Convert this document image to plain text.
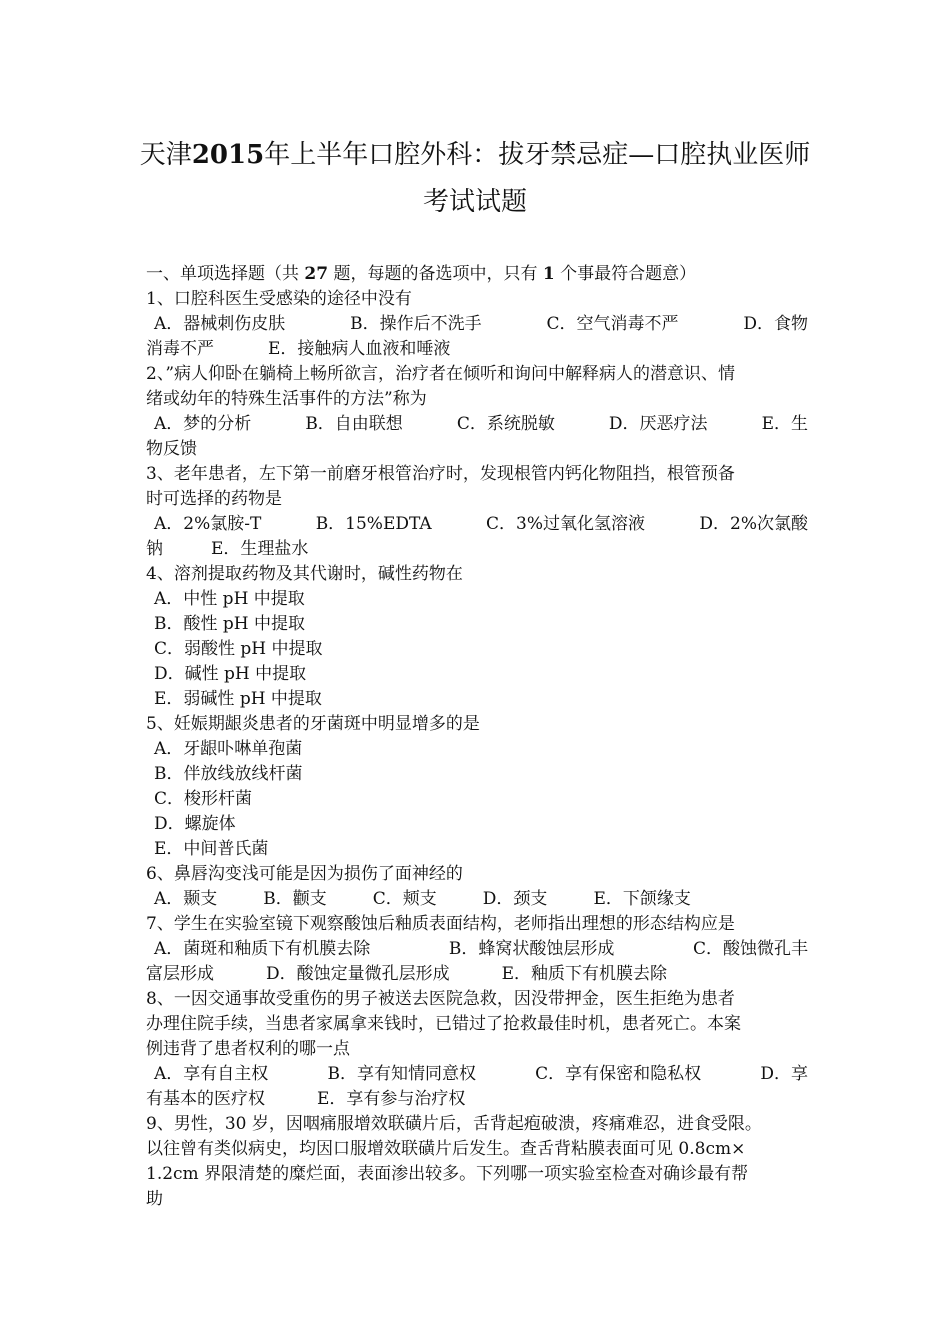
天津2015年上半年口腔外科：拔牙禁忌症—口腔执业医师
考试试题
一、单项选择题（共 27 题，每题的备选项中，只有 1 个事最符合题意）
1、口腔科医生受感染的途径中没有
A．器械刺伤皮肤	B．操作后不洗手	C．空气消毒不严	D．食物
消毒不严	E．接触病人血液和唾液
2、”病人仰卧在躺椅上畅所欲言，治疗者在倾听和询问中解释病人的潜意识、情
绪或幼年的特殊生活事件的方法”称为
A．梦的分析	B．自由联想	C．系统脱敏	D．厌恶疗法	E．生
物反馈
3、老年患者，左下第一前磨牙根管治疗时，发现根管内钙化物阻挡，根管预备
时可选择的药物是
A．2%氯胺-T	B．15%EDTA	C．3%过氧化氢溶液	D．2%次氯酸
钠	E．生理盐水
4、溶剂提取药物及其代谢时，碱性药物在
A．中性 pH 中提取
B．酸性 pH 中提取
C．弱酸性 pH 中提取
D．碱性 pH 中提取
E．弱碱性 pH 中提取
5、妊娠期龈炎患者的牙菌斑中明显增多的是
A．牙龈卟啉单孢菌
B．伴放线放线杆菌
C．梭形杆菌
D．螺旋体
E．中间普氏菌
6、鼻唇沟变浅可能是因为损伤了面神经的
A．颞支	B．颧支	C．颊支	D．颈支	E．下颌缘支
7、学生在实验室镜下观察酸蚀后釉质表面结构，老师指出理想的形态结构应是
A．菌斑和釉质下有机膜去除	B．蜂窝状酸蚀层形成	C．酸蚀微孔丰
富层形成	D．酸蚀定量微孔层形成	E．釉质下有机膜去除
8、一因交通事故受重伤的男子被送去医院急救，因没带押金，医生拒绝为患者
办理住院手续，当患者家属拿来钱时，已错过了抢救最佳时机，患者死亡。本案
例违背了患者权利的哪一点
A．享有自主权	B．享有知情同意权	C．享有保密和隐私权	D．享
有基本的医疗权	E．享有参与治疗权
9、男性，30 岁，因咽痛服增效联磺片后，舌背起疱破溃，疼痛难忍，进食受限。
以往曾有类似病史，均因口服增效联磺片后发生。查舌背粘膜表面可见 0.8cm×
1.2cm 界限清楚的糜烂面，表面渗出较多。下列哪一项实验室检查对确诊最有帮
助
